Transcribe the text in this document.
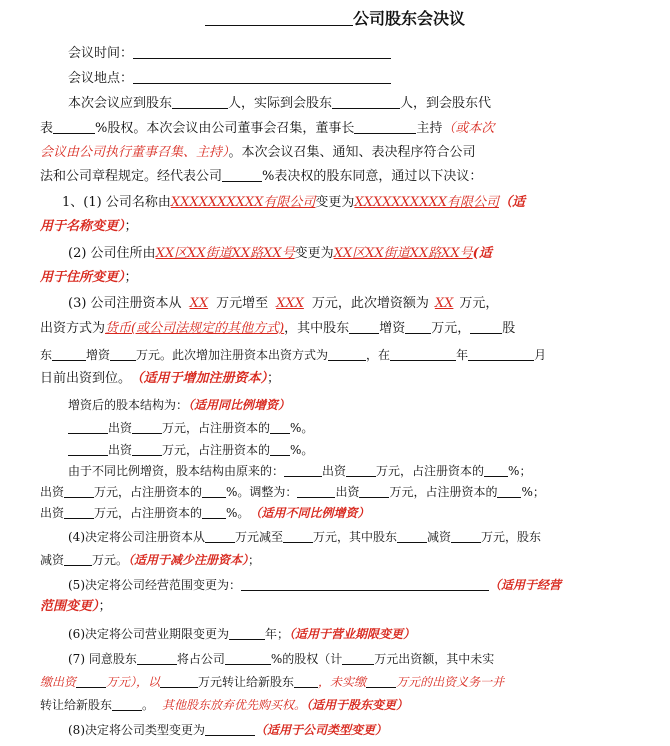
公司股东会决议
会议时间：
会议地点：
本次会议应到股东	人，实际到会股东	人，到会股东代
表	%股权。本次会议由公司董事会召集，董事长	主持（或本次
会议由公司执行董事召集、主持）。本次会议召集、通知、表决程序符合公司
法和公司章程规定。经代表公司	%表决权的股东同意，通过以下决议：
1、(1) 公司名称由XXXXXXXXXX有限公司变更为XXXXXXXXXX有限公司（适
用于名称变更）；
(2) 公司住所由XX区XX街道XX路XX号变更为XX区XX街道XX路XX号(适
用于住所变更）；
(3) 公司注册资本从 XX 万元增至 XXX 万元，此次增资额为 XX 万元，
出资方式为货币(或公司法规定的其他方式)，其中股东 增资 万元， 股
东	增资 万元。此次增加注册资本出资方式为	，在	年	月
日前出资到位。 （适用于增加注册资本）；
增资后的股本结构为：（适用同比例增资）
出资	万元，占注册资本的 %。
出资	万元，占注册资本的 %。
由于不同比例增资，股本结构由原来的：	出资	万元，占注册资本的 %；
出资	万元，占注册资本的 %。调整为：	出资	万元，占注册资本的 %；
出资	万元，占注册资本的 %。 （适用不同比例增资）
(4)决定将公司注册资本从	万元减至	万元，其中股东	减资	万元，股东
减资 万元。（适用于减少注册资本）；
(5)决定将公司经营范围变更为：	（适用于经营
范围变更）；
(6)决定将公司营业期限变更为	年；（适用于营业期限变更）
(7) 同意股东	将占公司	%的股权（计	万元出资额，其中未实
缴出资	万元），以	万元转让给新股东 ，未实缴	万元的出资义务一并
转让给新股东	。 其他股东放弃优先购买权。（适用于股东变更）
(8)决定将公司类型变更为	（适用于公司类型变更）
